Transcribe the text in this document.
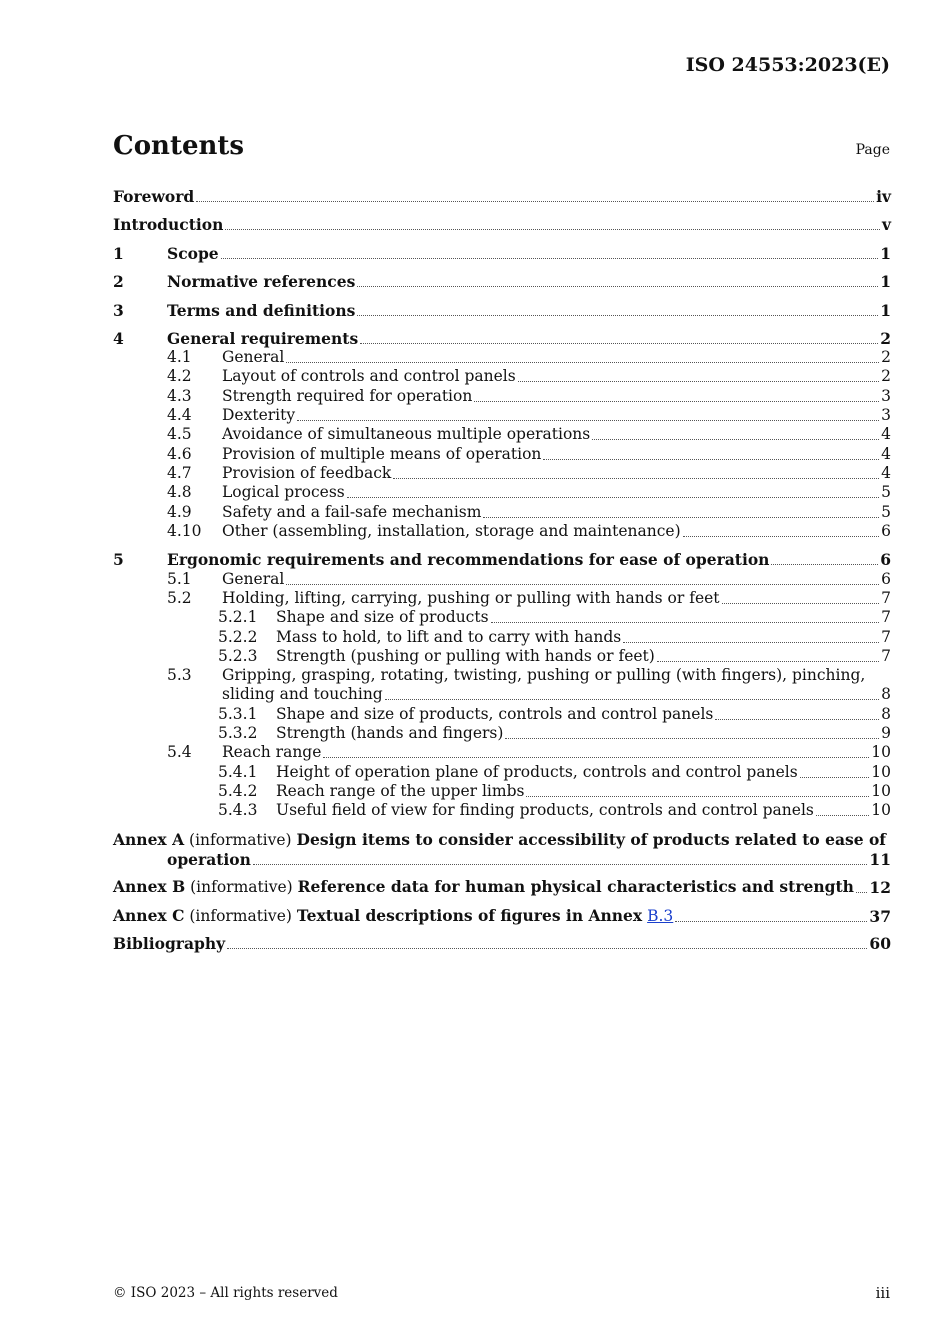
ISO 24553:2023(E)
Contents	Page
Foreword	iv
Introduction	v
1	Scope	1
2	Normative references	1
3	Terms and definitions	1
4	General requirements	2
4.1	General	2
4.2	Layout of controls and control panels	2
4.3	Strength required for operation	3
4.4	Dexterity	3
4.5	Avoidance of simultaneous multiple operations	4
4.6	Provision of multiple means of operation	4
4.7	Provision of feedback	4
4.8	Logical process	5
4.9	Safety and a fail-safe mechanism	5
4.10	Other (assembling, installation, storage and maintenance)	6
5	Ergonomic requirements and recommendations for ease of operation	6
5.1	General	6
5.2	Holding, lifting, carrying, pushing or pulling with hands or feet	7
5.2.1	Shape and size of products	7
5.2.2	Mass to hold, to lift and to carry with hands	7
5.2.3	Strength (pushing or pulling with hands or feet)	7
5.3	Gripping, grasping, rotating, twisting, pushing or pulling (with fingers), pinching,
sliding and touching	8
5.3.1	Shape and size of products, controls and control panels	8
5.3.2	Strength (hands and fingers)	9
5.4	Reach range	10
5.4.1	Height of operation plane of products, controls and control panels	10
5.4.2	Reach range of the upper limbs	10
5.4.3	Useful field of view for finding products, controls and control panels	10
Annex A (informative) Design items to consider accessibility of products related to ease of
operation	11
Annex B (informative) Reference data for human physical characteristics and strength 12
Annex C (informative) Textual descriptions of figures in Annex B.3	37
Bibliography	60
© ISO 2023 – All rights reserved	iii
